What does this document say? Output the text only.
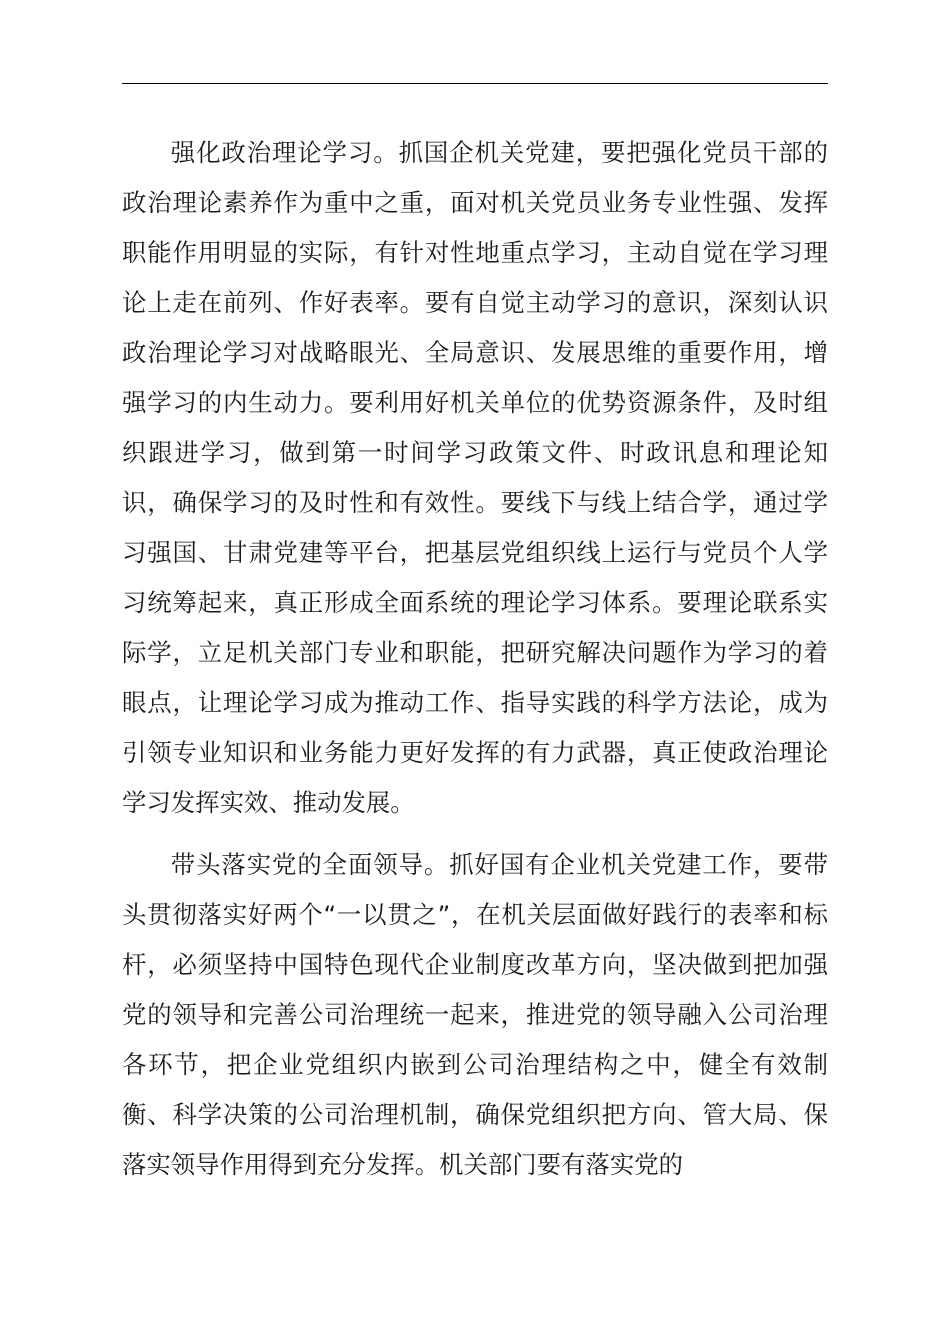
强化政治理论学习。抓国企机关党建，要把强化党员干部的政治理论素养作为重中之重，面对机关党员业务专业性强、发挥职能作用明显的实际，有针对性地重点学习，主动自觉在学习理论上走在前列、作好表率。要有自觉主动学习的意识，深刻认识政治理论学习对战略眼光、全局意识、发展思维的重要作用，增强学习的内生动力。要利用好机关单位的优势资源条件，及时组织跟进学习，做到第一时间学习政策文件、时政讯息和理论知识，确保学习的及时性和有效性。要线下与线上结合学，通过学习强国、甘肃党建等平台，把基层党组织线上运行与党员个人学习统筹起来，真正形成全面系统的理论学习体系。要理论联系实际学，立足机关部门专业和职能，把研究解决问题作为学习的着眼点，让理论学习成为推动工作、指导实践的科学方法论，成为引领专业知识和业务能力更好发挥的有力武器，真正使政治理论学习发挥实效、推动发展。

带头落实党的全面领导。抓好国有企业机关党建工作，要带头贯彻落实好两个“一以贯之”，在机关层面做好践行的表率和标杆，必须坚持中国特色现代企业制度改革方向，坚决做到把加强党的领导和完善公司治理统一起来，推进党的领导融入公司治理各环节，把企业党组织内嵌到公司治理结构之中，健全有效制衡、科学决策的公司治理机制，确保党组织把方向、管大局、保落实领导作用得到充分发挥。机关部门要有落实党的
